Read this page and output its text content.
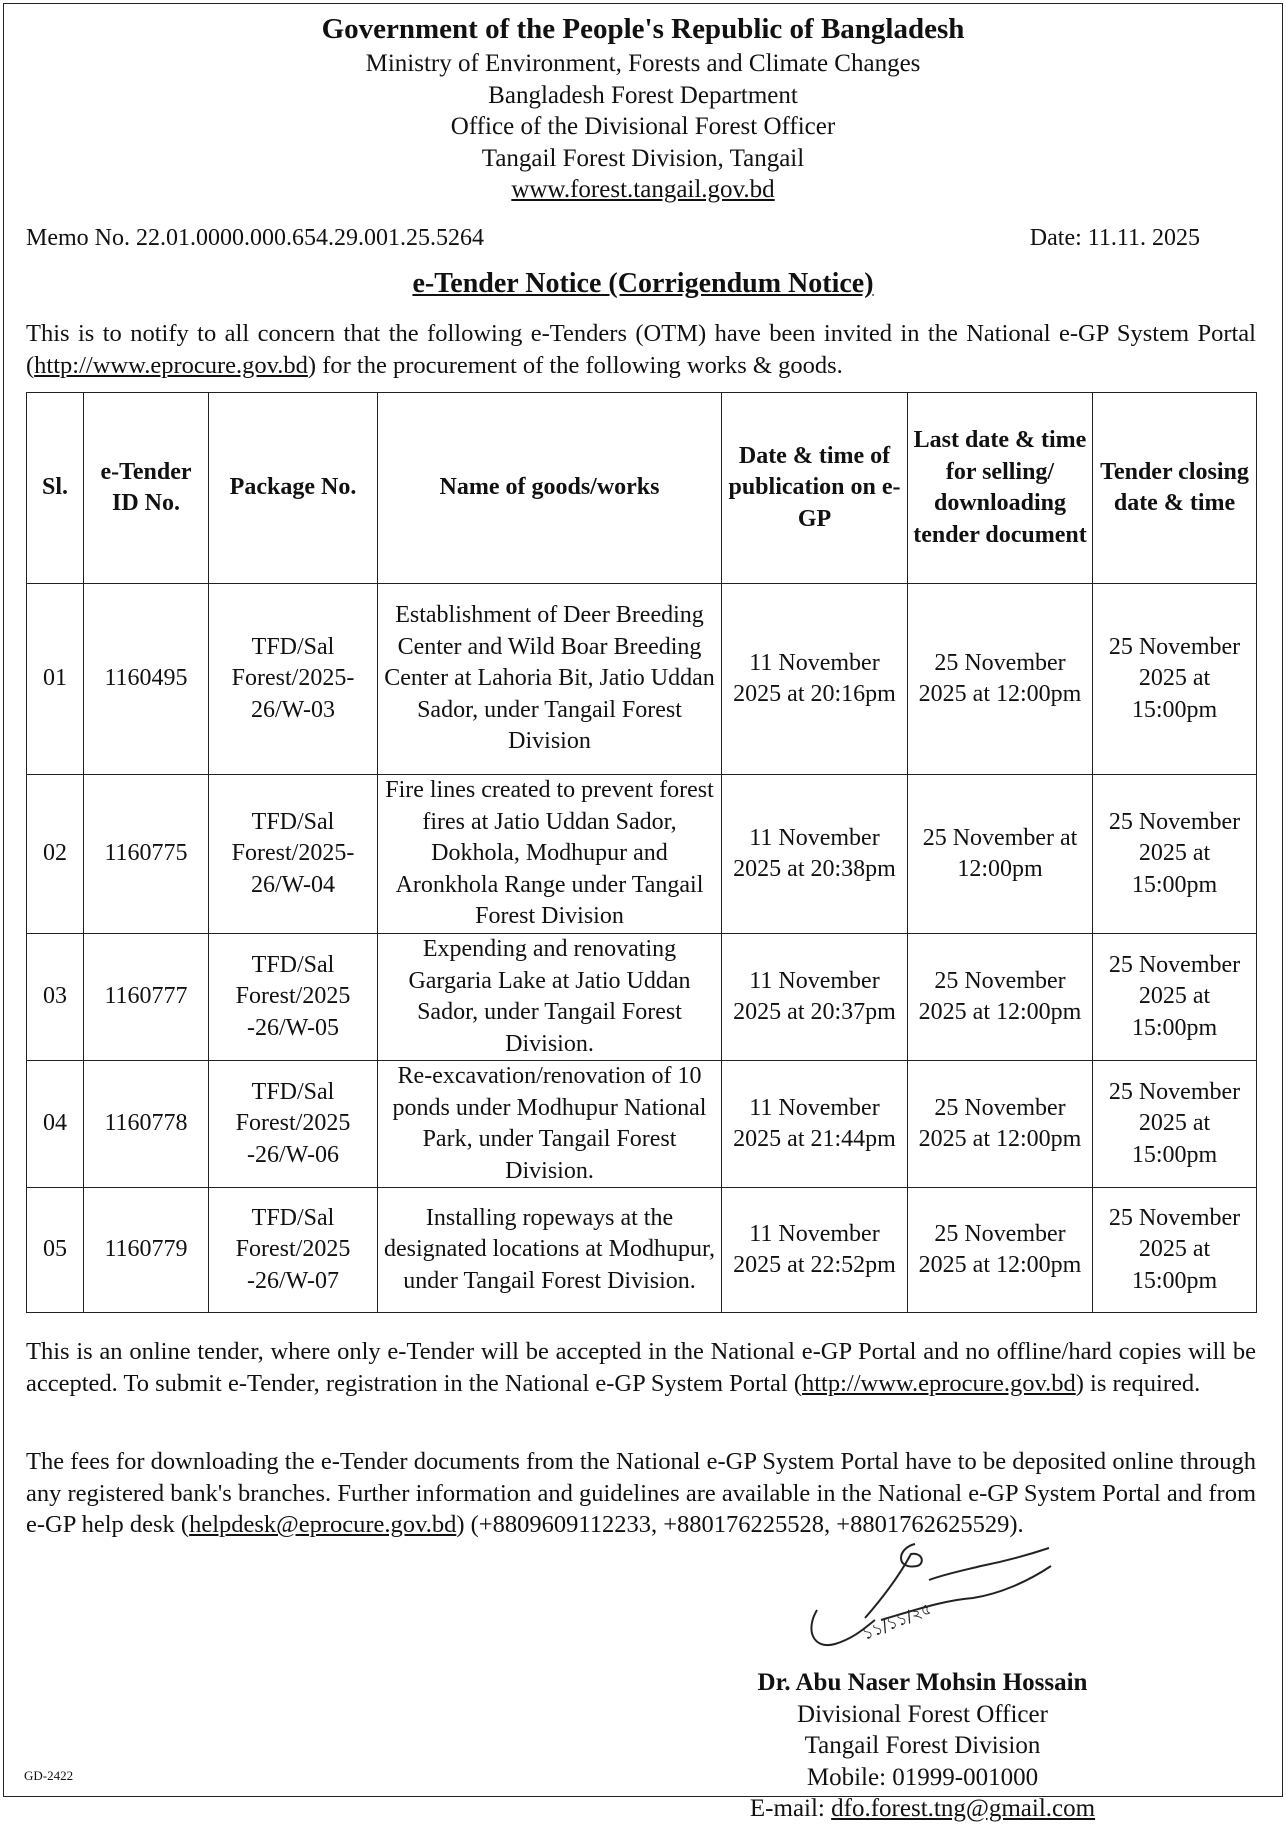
Government of the People's Republic of Bangladesh
Ministry of Environment, Forests and Climate Changes
Bangladesh Forest Department
Office of the Divisional Forest Officer
Tangail Forest Division, Tangail
www.forest.tangail.gov.bd
Memo No. 22.01.0000.000.654.29.001.25.5264	Date: 11.11. 2025
e-Tender Notice (Corrigendum Notice)
This is to notify to all concern that the following e-Tenders (OTM) have been invited in the National e-GP System Portal (http://www.eprocure.gov.bd) for the procurement of the following works & goods.
Sl.	e-Tender ID No.	Package No.	Name of goods/works	Date & time of publication on e-GP	Last date & time for selling/ downloading tender document	Tender closing date & time
01	1160495	TFD/Sal Forest/2025-26/W-03	Establishment of Deer Breeding Center and Wild Boar Breeding Center at Lahoria Bit, Jatio Uddan Sador, under Tangail Forest Division	11 November 2025 at 20:16pm	25 November 2025 at 12:00pm	25 November 2025 at 15:00pm
02	1160775	TFD/Sal Forest/2025-26/W-04	Fire lines created to prevent forest fires at Jatio Uddan Sador, Dokhola, Modhupur and Aronkhola Range under Tangail Forest Division	11 November 2025 at 20:38pm	25 November at 12:00pm	25 November 2025 at 15:00pm
03	1160777	TFD/Sal Forest/2025 -26/W-05	Expending and renovating Gargaria Lake at Jatio Uddan Sador, under Tangail Forest Division.	11 November 2025 at 20:37pm	25 November 2025 at 12:00pm	25 November 2025 at 15:00pm
04	1160778	TFD/Sal Forest/2025 -26/W-06	Re-excavation/renovation of 10 ponds under Modhupur National Park, under Tangail Forest Division.	11 November 2025 at 21:44pm	25 November 2025 at 12:00pm	25 November 2025 at 15:00pm
05	1160779	TFD/Sal Forest/2025 -26/W-07	Installing ropeways at the designated locations at Modhupur, under Tangail Forest Division.	11 November 2025 at 22:52pm	25 November 2025 at 12:00pm	25 November 2025 at 15:00pm
This is an online tender, where only e-Tender will be accepted in the National e-GP Portal and no offline/hard copies will be accepted. To submit e-Tender, registration in the National e-GP System Portal (http://www.eprocure.gov.bd) is required.
The fees for downloading the e-Tender documents from the National e-GP System Portal have to be deposited online through any registered bank's branches. Further information and guidelines are available in the National e-GP System Portal and from e-GP help desk (helpdesk@eprocure.gov.bd) (+8809609112233, +880176225528, +8801762625529).
১১/১১/২৫
Dr. Abu Naser Mohsin Hossain
Divisional Forest Officer
Tangail Forest Division
Mobile: 01999-001000
E-mail: dfo.forest.tng@gmail.com
GD-2422
